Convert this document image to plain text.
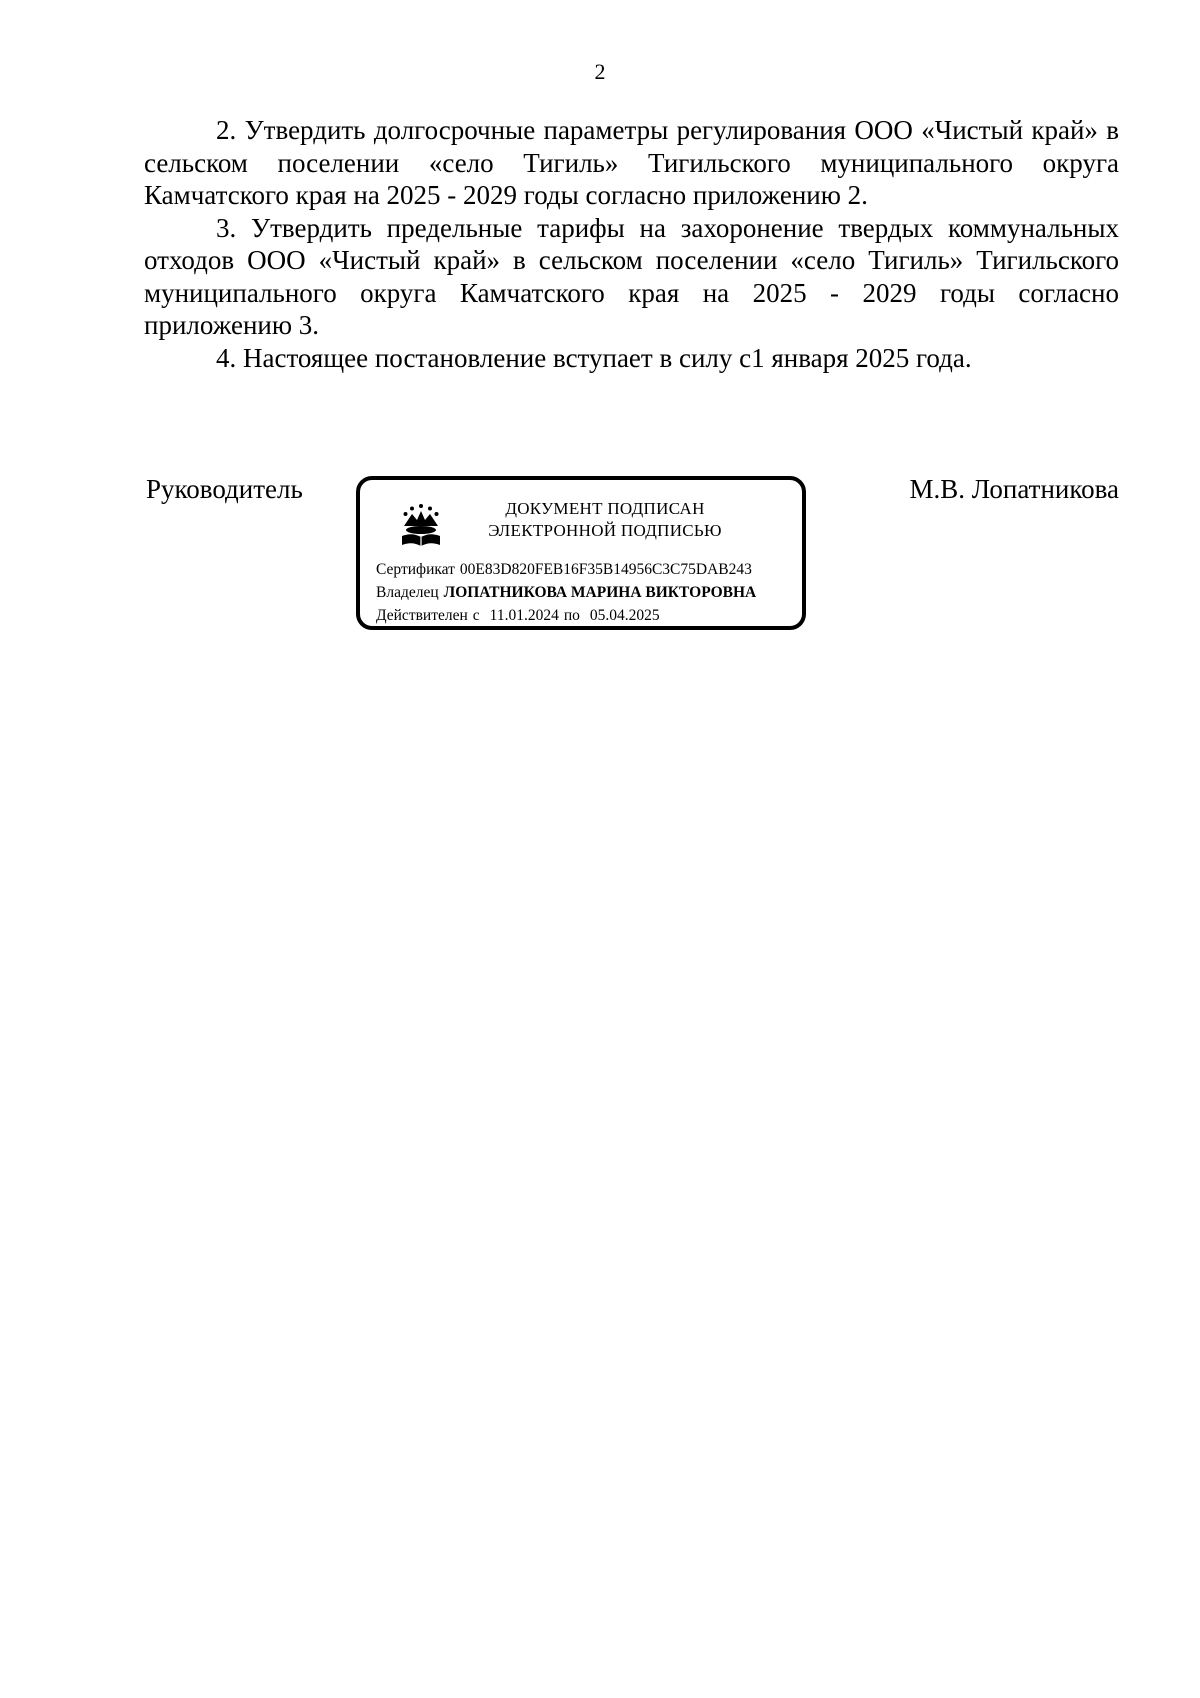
2

2. Утвердить долгосрочные параметры регулирования ООО «Чистый край» в сельском поселении «село Тигиль» Тигильского муниципального округа Камчатского края на 2025 - 2029 годы согласно приложению 2.

3. Утвердить предельные тарифы на захоронение твердых коммунальных отходов ООО «Чистый край» в сельском поселении «село Тигиль» Тигильского муниципального округа Камчатского края на 2025 - 2029 годы согласно приложению 3.

4. Настоящее постановление вступает в силу с1 января 2025 года.

Руководитель
ДОКУМЕНТ ПОДПИСАН
ЭЛЕКТРОННОЙ ПОДПИСЬЮ
Сертификат 00E83D820FEB16F35B14956C3C75DAB243
Владелец ЛОПАТНИКОВА МАРИНА ВИКТОРОВНА
Действителен с 11.01.2024 по 05.04.2025
М.В. Лопатникова
